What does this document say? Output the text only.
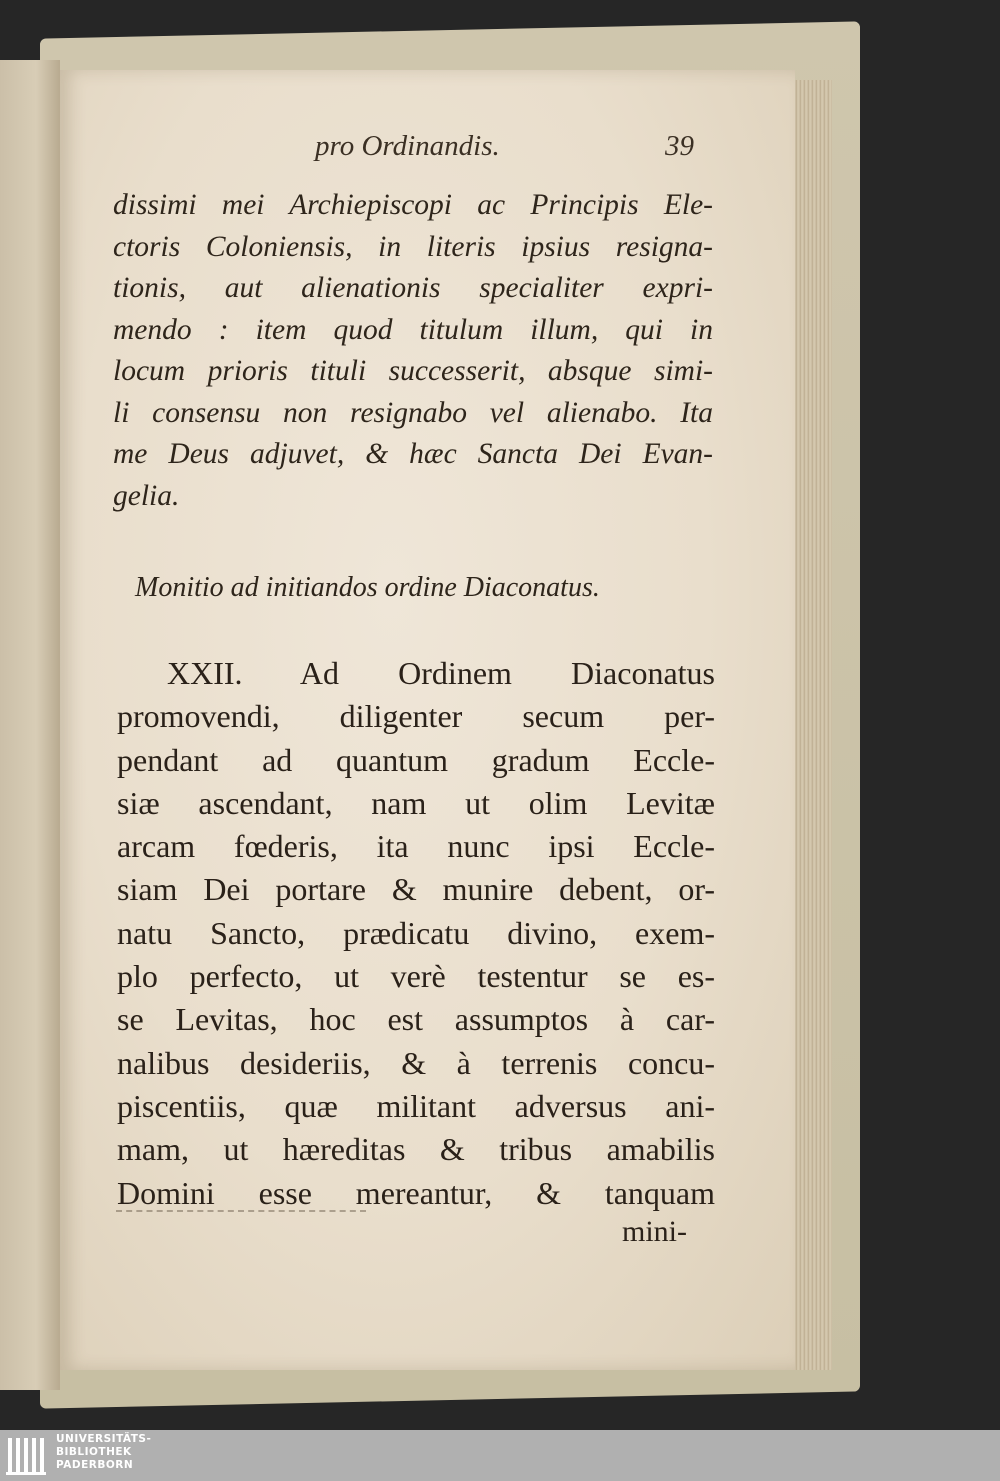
pro Ordinandis.	39

dissimi mei Archiepiscopi ac Principis Ele-
ctoris Coloniensis, in literis ipsius resigna-
tionis, aut alienationis specialiter expri-
mendo : item quod titulum illum, qui in
locum prioris tituli successerit, absque simi-
li consensu non resignabo vel alienabo. Ita
me Deus adjuvet, & hæc Sancta Dei Evan-
gelia.

Monitio ad initiandos ordine Diaconatus.

XXII. Ad Ordinem Diaconatus
promovendi, diligenter secum per-
pendant ad quantum gradum Eccle-
siæ ascendant, nam ut olim Levitæ
arcam fœderis, ita nunc ipsi Eccle-
siam Dei portare & munire debent, or-
natu Sancto, prædicatu divino, exem-
plo perfecto, ut verè testentur se es-
se Levitas, hoc est assumptos à car-
nalibus desideriis, & à terrenis concu-
piscentiis, quæ militant adversus ani-
mam, ut hæreditas & tribus amabilis
Domini esse mereantur, & tanquam

mini-
UNIVERSITÄTS-
BIBLIOTHEK
PADERBORN
